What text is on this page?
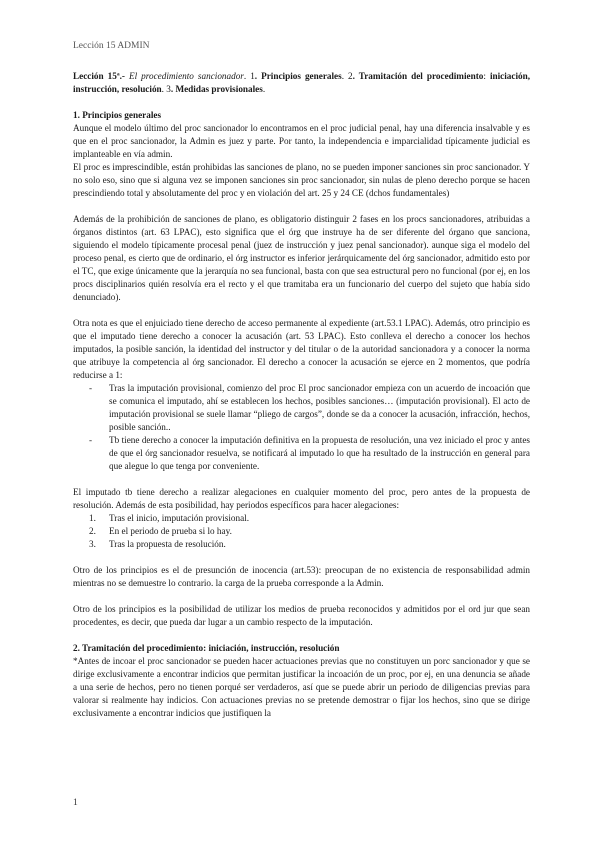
Lección 15 ADMIN

Lección 15ª.- El procedimiento sancionador. 1. Principios generales. 2. Tramitación del procedimiento: iniciación, instrucción, resolución. 3. Medidas provisionales.

1. Principios generales

Aunque el modelo último del proc sancionador lo encontramos en el proc judicial penal, hay una diferencia insalvable y es que en el proc sancionador, la Admin es juez y parte. Por tanto, la independencia e imparcialidad típicamente judicial es implanteable en vía admin.

El proc es imprescindible, están prohibidas las sanciones de plano, no se pueden imponer sanciones sin proc sancionador. Y no solo eso, sino que si alguna vez se imponen sanciones sin proc sancionador, sin nulas de pleno derecho porque se hacen prescindiendo total y absolutamente del proc y en violación del art. 25 y 24 CE (dchos fundamentales)

Además de la prohibición de sanciones de plano, es obligatorio distinguir 2 fases en los procs sancionadores, atribuidas a órganos distintos (art. 63 LPAC), esto significa que el órg que instruye ha de ser diferente del órgano que sanciona, siguiendo el modelo típicamente procesal penal (juez de instrucción y juez penal sancionador). aunque siga el modelo del proceso penal, es cierto que de ordinario, el órg instructor es inferior jerárquicamente del órg sancionador, admitido esto por el TC, que exige únicamente que la jerarquía no sea funcional, basta con que sea estructural pero no funcional (por ej, en los procs disciplinarios quién resolvía era el recto y el que tramitaba era un funcionario del cuerpo del sujeto que había sido denunciado).

Otra nota es que el enjuiciado tiene derecho de acceso permanente al expediente (art.53.1 LPAC). Además, otro principio es que el imputado tiene derecho a conocer la acusación (art. 53 LPAC). Esto conlleva el derecho a conocer los hechos imputados, la posible sanción, la identidad del instructor y del titular o de la autoridad sancionadora y a conocer la norma que atribuye la competencia al órg sancionador. El derecho a conocer la acusación se ejerce en 2 momentos, que podría reducirse a 1:

- Tras la imputación provisional, comienzo del proc El proc sancionador empieza con un acuerdo de incoación que se comunica el imputado, ahí se establecen los hechos, posibles sanciones… (imputación provisional). El acto de imputación provisional se suele llamar “pliego de cargos”, donde se da a conocer la acusación, infracción, hechos, posible sanción..
- Tb tiene derecho a conocer la imputación definitiva en la propuesta de resolución, una vez iniciado el proc y antes de que el órg sancionador resuelva, se notificará al imputado lo que ha resultado de la instrucción en general para que alegue lo que tenga por conveniente.

El imputado tb tiene derecho a realizar alegaciones en cualquier momento del proc, pero antes de la propuesta de resolución. Además de esta posibilidad, hay periodos específicos para hacer alegaciones:

1. Tras el inicio, imputación provisional.
2. En el periodo de prueba si lo hay.
3. Tras la propuesta de resolución.

Otro de los principios es el de presunción de inocencia (art.53): preocupan de no existencia de responsabilidad admin mientras no se demuestre lo contrario. la carga de la prueba corresponde a la Admin.

Otro de los principios es la posibilidad de utilizar los medios de prueba reconocidos y admitidos por el ord jur que sean procedentes, es decir, que pueda dar lugar a un cambio respecto de la imputación.

2. Tramitación del procedimiento: iniciación, instrucción, resolución

*Antes de incoar el proc sancionador se pueden hacer actuaciones previas que no constituyen un porc sancionador y que se dirige exclusivamente a encontrar indicios que permitan justificar la incoación de un proc, por ej, en una denuncia se añade a una serie de hechos, pero no tienen porqué ser verdaderos, así que se puede abrir un periodo de diligencias previas para valorar si realmente hay indicios. Con actuaciones previas no se pretende demostrar o fijar los hechos, sino que se dirige exclusivamente a encontrar indicios que justifiquen la

1
